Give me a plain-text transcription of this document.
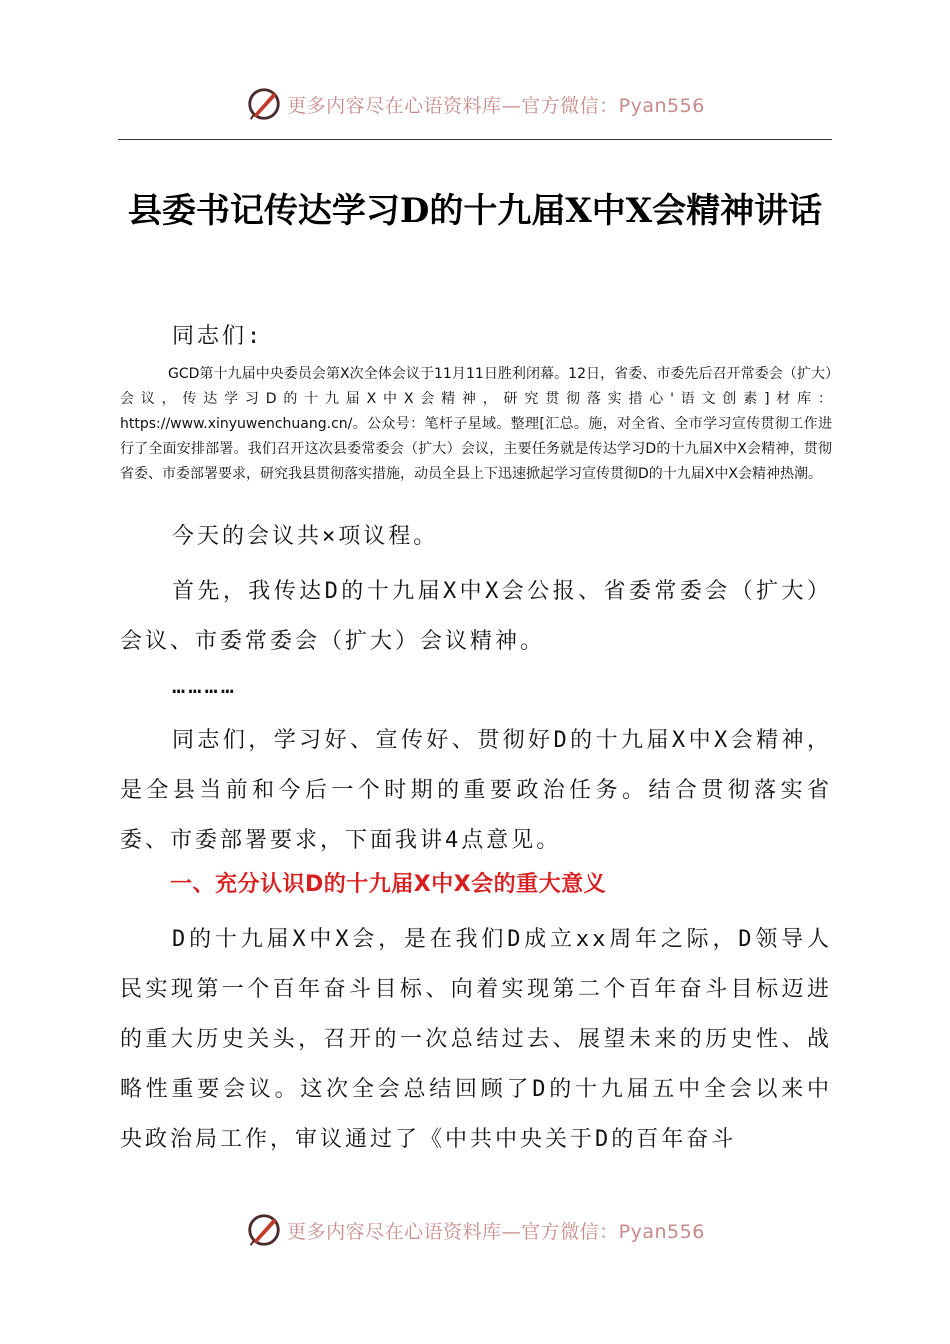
更多内容尽在心语资料库—官方微信：Pyan556
县委书记传达学习D的十九届X中X会精神讲话

同志们:

GCD第十九届中央委员会第X次全体会议于11月11日胜利闭幕。12日，省委、市委先后召开常委会（扩大）会议，传达学习D的十九届X中X会精神，研究贯彻落实措心'语文创素]材库：https://www.xinyuwenchuang.cn/。公众号：笔杆子星域。整理[汇总。施，对全省、全市学习宣传贯彻工作进行了全面安排部署。我们召开这次县委常委会（扩大）会议，主要任务就是传达学习D的十九届X中X会精神，贯彻省委、市委部署要求，研究我县贯彻落实措施，动员全县上下迅速掀起学习宣传贯彻D的十九届X中X会精神热潮。

今天的会议共×项议程。

首先，我传达D的十九届X中X会公报、省委常委会（扩大）会议、市委常委会（扩大）会议精神。

…………

同志们，学习好、宣传好、贯彻好D的十九届X中X会精神，是全县当前和今后一个时期的重要政治任务。结合贯彻落实省委、市委部署要求，下面我讲4点意见。

一、充分认识D的十九届X中X会的重大意义

D的十九届X中X会，是在我们D成立xx周年之际，D领导人民实现第一个百年奋斗目标、向着实现第二个百年奋斗目标迈进的重大历史关头，召开的一次总结过去、展望未来的历史性、战略性重要会议。这次全会总结回顾了D的十九届五中全会以来中央政治局工作，审议通过了《中共中央关于D的百年奋斗

更多内容尽在心语资料库—官方微信：Pyan556
